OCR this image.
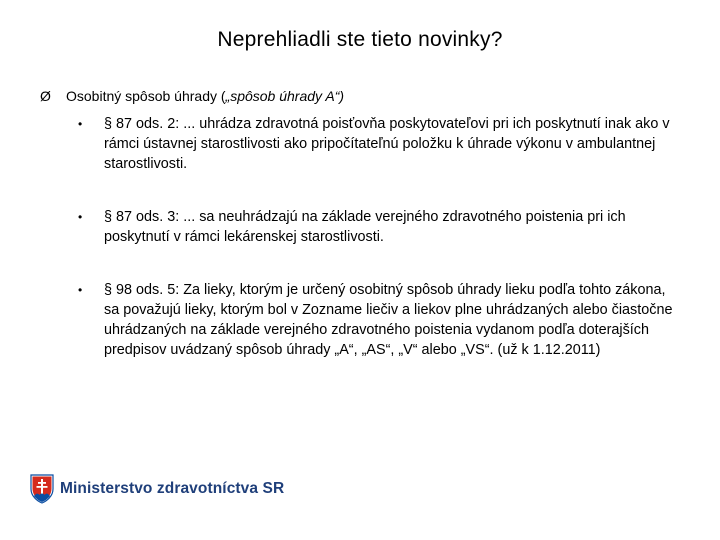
Neprehliadli ste tieto novinky?
Ø Osobitný spôsob úhrady („spôsob úhrady A“)
•	§ 87 ods. 2: ... uhrádza zdravotná poisťovňa poskytovateľovi pri ich poskytnutí inak ako v rámci ústavnej starostlivosti ako pripočítateľnú položku k úhrade výkonu v ambulantnej starostlivosti.
•	§ 87 ods. 3: ... sa neuhrádzajú na základe verejného zdravotného poistenia pri ich poskytnutí v rámci lekárenskej starostlivosti.
•	§ 98 ods. 5: Za lieky, ktorým je určený osobitný spôsob úhrady lieku podľa tohto zákona, sa považujú lieky, ktorým bol v Zozname liečiv a liekov plne uhrádzaných alebo čiastočne uhrádzaných na základe verejného zdravotného poistenia vydanom podľa doterajších predpisov uvádzaný spôsob úhrady „A“, „AS“, „V“ alebo „VS“. (už k 1.12.2011)
Ministerstvo zdravotníctva SR
